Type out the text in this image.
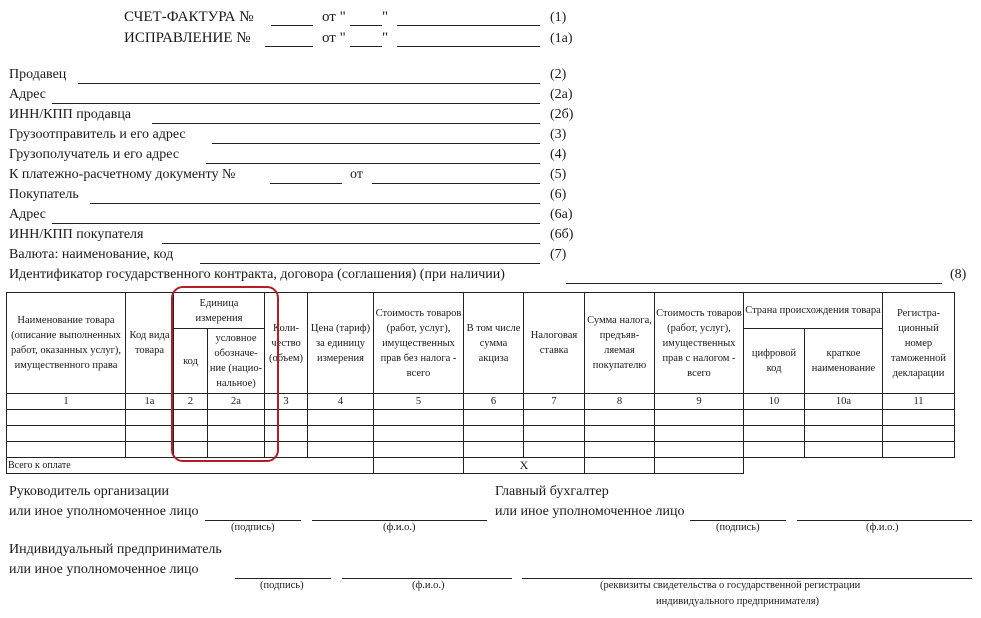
СЧЕТ-ФАКТУРА №	от " "	(1)
ИСПРАВЛЕНИЕ №	от " "	(1а)
Продавец	(2)
Адрес	(2а)
ИНН/КПП продавца	(2б)
Грузоотправитель и его адрес	(3)
Грузополучатель и его адрес	(4)
К платежно-расчетному документу №	от	(5)
Покупатель	(6)
Адрес	(6а)
ИНН/КПП покупателя	(6б)
Валюта: наименование, код	(7)
Идентификатор государственного контракта, договора (соглашения) (при наличии)	(8)
Наименование товара (описание выполненных работ, оказанных услуг), имущественного права	Код вида товара	Единица измерения		Коли-чество (объем)	Цена (тариф) за единицу измерения	Стоимость товаров (работ, услуг), имущественных прав без налога - всего	В том числе сумма акциза	Налоговая ставка	Сумма налога, предъяв-ляемая покупателю	Стоимость товаров (работ, услуг), имущественных прав с налогом - всего	Страна происхождения товара		Регистра-ционный номер таможенной декларации
		код	условное обозначе-ние (нацио-нальное)								цифровой код	краткое наименование	
1	1а	2	2а	3	4	5	6	7	8	9	10	10а	11

Всего к оплате							X						
Руководитель организации
или иное уполномоченное лицо
(подпись)	(ф.и.о.)
Главный бухгалтер
или иное уполномоченное лицо
(подпись)	(ф.и.о.)
Индивидуальный предприниматель
или иное уполномоченное лицо
(подпись)	(ф.и.о.)	(реквизиты свидетельства о государственной регистрации
индивидуального предпринимателя)
